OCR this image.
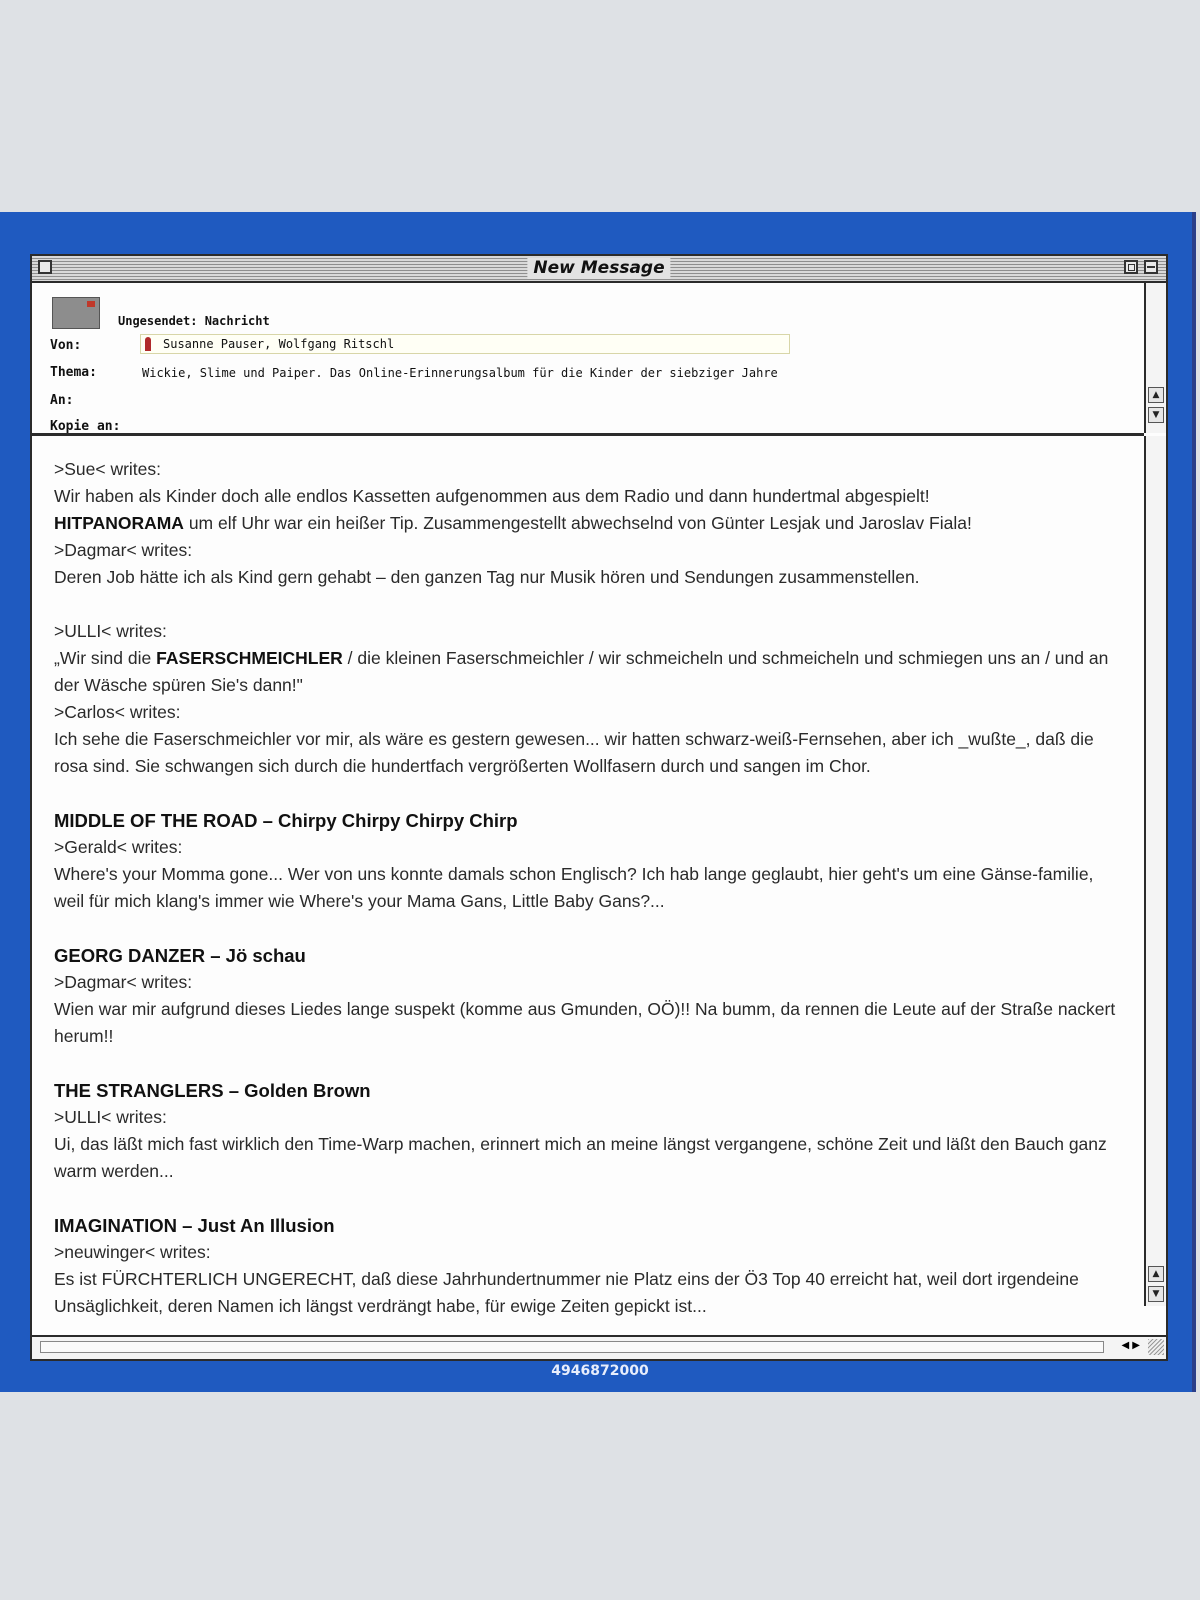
New Message
Ungesendet: Nachricht
Von:	Susanne Pauser, Wolfgang Ritschl
Thema:	Wickie, Slime und Paiper. Das Online-Erinnerungsalbum für die Kinder der siebziger Jahre
An:
Kopie an:
▲
▼

>Sue< writes:

Wir haben als Kinder doch alle endlos Kassetten aufgenommen aus dem Radio und dann hundertmal abgespielt!
HITPANORAMA um elf Uhr war ein heißer Tip. Zusammengestellt abwechselnd von Günter Lesjak und Jaroslav Fiala!

>Dagmar< writes:

Deren Job hätte ich als Kind gern gehabt – den ganzen Tag nur Musik hören und Sendungen zusammenstellen.

>ULLI< writes:

„Wir sind die FASERSCHMEICHLER / die kleinen Faserschmeichler / wir schmeicheln und schmeicheln und schmiegen uns an / und an der Wäsche spüren Sie's dann!"

>Carlos< writes:

Ich sehe die Faserschmeichler vor mir, als wäre es gestern gewesen... wir hatten schwarz-weiß-Fernsehen, aber ich _wußte_, daß die rosa sind. Sie schwangen sich durch die hundertfach vergrößerten Wollfasern durch und sangen im Chor.

MIDDLE OF THE ROAD – Chirpy Chirpy Chirpy Chirp

>Gerald< writes:

Where's your Momma gone... Wer von uns konnte damals schon Englisch? Ich hab lange geglaubt, hier geht's um eine Gänse-familie, weil für mich klang's immer wie Where's your Mama Gans, Little Baby Gans?...

GEORG DANZER – Jö schau

>Dagmar< writes:

Wien war mir aufgrund dieses Liedes lange suspekt (komme aus Gmunden, OÖ)!! Na bumm, da rennen die Leute auf der Straße nackert herum!!

THE STRANGLERS – Golden Brown

>ULLI< writes:

Ui, das läßt mich fast wirklich den Time-Warp machen, erinnert mich an meine längst vergangene, schöne Zeit und läßt den Bauch ganz warm werden...

IMAGINATION – Just An Illusion

>neuwinger< writes:

Es ist FÜRCHTERLICH UNGERECHT, daß diese Jahrhundertnummer nie Platz eins der Ö3 Top 40 erreicht hat, weil dort irgendeine Unsäglichkeit, deren Namen ich längst verdrängt habe, für ewige Zeiten gepickt ist...

▲
▼
◀ ▶
4946872000
